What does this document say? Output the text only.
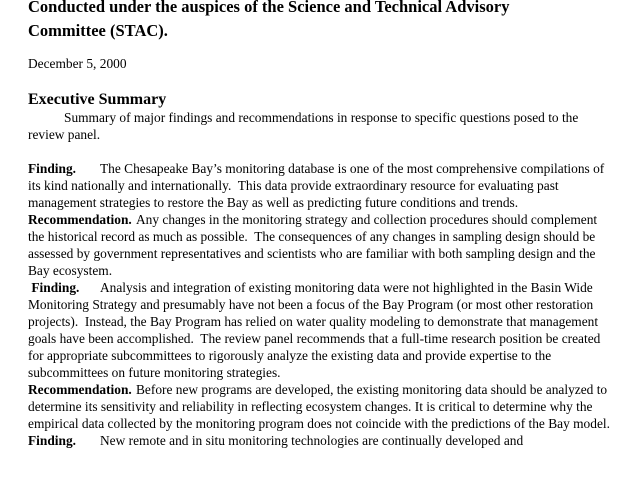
Conducted under the auspices of the Science and Technical Advisory Committee (STAC).

December 5, 2000

Executive Summary

Summary of major findings and recommendations in response to specific questions posed to the review panel.

Finding.	The Chesapeake Bay’s monitoring database is one of the most comprehensive compilations of its kind nationally and internationally.  This data provide extraordinary resource for evaluating past management strategies to restore the Bay as well as predicting future conditions and trends.

Recommendation.	Any changes in the monitoring strategy and collection procedures should complement the historical record as much as possible.  The consequences of any changes in sampling design should be assessed by government representatives and scientists who are familiar with both sampling design and the Bay ecosystem.

Finding.	Analysis and integration of existing monitoring data were not highlighted in the Basin Wide Monitoring Strategy and presumably have not been a focus of the Bay Program (or most other restoration projects).  Instead, the Bay Program has relied on water quality modeling to demonstrate that management goals have been accomplished.  The review panel recommends that a full-time research position be created for appropriate subcommittees to rigorously analyze the existing data and provide expertise to the subcommittees on future monitoring strategies.

Recommendation.	Before new programs are developed, the existing monitoring data should be analyzed to determine its sensitivity and reliability in reflecting ecosystem changes. It is critical to determine why the empirical data collected by the monitoring program does not coincide with the predictions of the Bay model.

Finding.	New remote and in situ monitoring technologies are continually developed and
